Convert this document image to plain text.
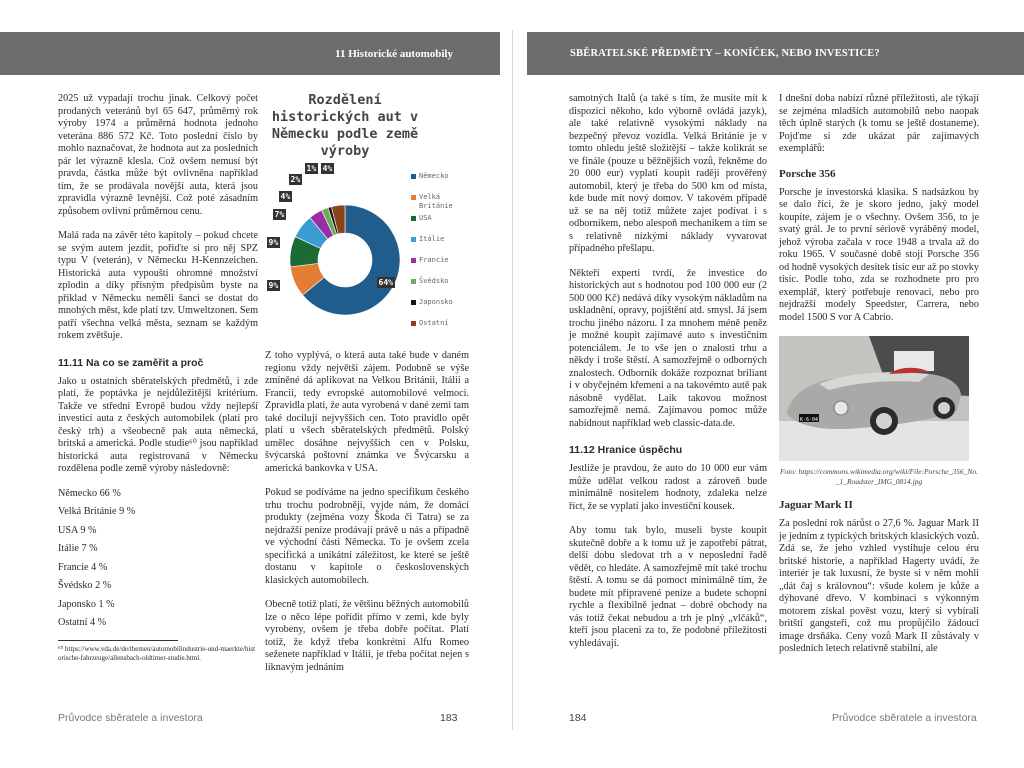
11 Historické automobily	SBĚRATELSKÉ PŘEDMĚTY – KONÍČEK, NEBO INVESTICE?

2025 už vypadají trochu jinak. Celkový počet prodaných veteránů byl 65 647, průměrný rok výroby 1974 a průměrná hodnota jednoho veterána 886 572 Kč. Toto poslední číslo by mohlo naznačovat, že hodnota aut za posledních pár let výrazně klesla. Což ovšem nemusí být pravda, částka může být ovlivněna například tím, že se prodávala novější auta, která jsou zpravidla výrazně levnější. Což poté zásadním způsobem ovlivní průměrnou cenu.

Malá rada na závěr této kapitoly – pokud chcete se svým autem jezdit, pořiďte si pro něj SPZ typu V (veterán), v Německu H-Kennzeichen. Historická auta vypouští ohromné množství zplodin a díky přísným předpisům byste na příklad v Německu neměli šanci se dostat do mnohých měst, kde platí tzv. Umweltzonen. Sem patří všechna velká města, seznam se každým rokem zvětšuje.

11.11 Na co se zaměřit a proč

Jako u ostatních sběratelských předmětů, i zde platí, že poptávka je nejdůležitější kritérium. Takže ve střední Evropě budou vždy nejlepší investicí auta z českých automobilek (platí pro český trh) a všeobecně pak auta německá, britská a americká. Podle studie⁶⁰ jsou například historická auta registrovaná v Německu rozdělena podle země výroby následovně:

Německo 66 %
Velká Británie 9 %
USA 9 %
Itálie 7 %
Francie 4 %
Švédsko 2 %
Japonsko 1 %
Ostatní 4 %
⁶⁰ https://www.vda.de/de/themen/automobilindustrie-und-maerkte/historische-fahrzeuge/allensbach-oldtimer-studie.html.
Rozdělení historických aut v Německu podle země výroby
64%
9%
9%
7%
4%
2%
1% 4%
Německo
Velká Británie
USA
Itálie
Francie
Švédsko
Japonsko
Ostatní

Z toho vyplývá, o která auta také bude v daném regionu vždy největší zájem. Podobně se výše zmíněné dá aplikovat na Velkou Británii, Itálii a Francii, tedy evropské automobilové velmoci. Zpravidla platí, že auta vyrobená v dané zemi tam také docilují nejvyšších cen. Toto pravidlo opět platí u všech sběratelských předmětů. Polský umělec dosáhne nejvyšších cen v Polsku, švýcarská poštovní známka ve Švýcarsku a americká bankovka v USA.

Pokud se podíváme na jedno specifikum českého trhu trochu podrobněji, vyjde nám, že domácí produkty (zejména vozy Škoda či Tatra) se za nejdražší peníze prodávají právě u nás a případně ve východní části Německa. To je ovšem zcela specifická a unikátní záležitost, ke které se ještě dostanu v kapitole o československých klasických automobilech.

Obecně totiž platí, že většinu běžných automobilů lze o něco lépe pořídit přímo v zemi, kde byly vyrobeny, ovšem je třeba dobře počítat. Platí totiž, že když třeba konkrétní Alfu Romeo seženete například v Itálii, je třeba počítat nejen s liknavým jednáním

Průvodce sběratele a investora	183

samotných Italů (a také s tím, že musíte mít k dispozici někoho, kdo výborně ovládá jazyk), ale také relativně vysokými náklady na bezpečný převoz vozidla. Velká Británie je v tomto ohledu ještě složitější – takže kolikrát se ve finále (pouze u běžnějších vozů, řekněme do 20 000 eur) vyplatí koupit raději prověřený automobil, který je třeba do 500 km od místa, kde bude mít nový domov. V takovém případě už se na něj totiž můžete zajet podívat i s odborníkem, nebo alespoň mechanikem a tím se s relativně nízkými náklady vyvarovat případného přešlapu.

Někteří experti tvrdí, že investice do historických aut s hodnotou pod 100 000 eur (2 500 000 Kč) nedává díky vysokým nákladům na uskladnění, opravy, pojištění atd. smysl. Já jsem trochu jiného názoru. I za mnohem méně peněz je možné koupit zajímavé auto s investičním potenciálem. Je to vše jen o znalosti trhu a někdy i troše štěstí. A samozřejmě o odborných znalostech. Odborník dokáže rozpoznat briliant i v obyčejném křemeni a na takovémto autě pak násobně vydělat. Laik takovou možnost samozřejmě nemá. Zajímavou pomoc může nabídnout například web classic-data.de.

11.12 Hranice úspěchu

Jestliže je pravdou, že auto do 10 000 eur vám může udělat velkou radost a zároveň bude minimálně nositelem hodnoty, zdaleka nelze říct, že se vyplatí jako investiční kousek.

Aby tomu tak bylo, museli byste koupit skutečně dobře a k tomu už je zapotřebí pátrat, delší dobu sledovat trh a v neposlední řadě vědět, co hledáte. A samozřejmě mít také trochu štěstí. A tomu se dá pomoct minimálně tím, že budete mít připravené peníze a budete schopni rychle a flexibilně jednat – dobré obchody na vás totiž čekat nebudou a trh je plný „vlčáků“, kteří jsou placeni za to, že podobné příležitosti vyhledávají.

I dnešní doba nabízí různé příležitosti, ale týkají se zejména mladších automobilů nebo naopak těch úplně starých (k tomu se ještě dostaneme). Pojďme si zde ukázat pár zajímavých exemplářů:

Porsche 356

Porsche je investorská klasika. S nadsázkou by se dalo říci, že je skoro jedno, jaký model koupíte, zájem je o všechny. Ovšem 356, to je svatý grál. Je to první sériově vyráběný model, jehož výroba začala v roce 1948 a trvala až do roku 1965. V současné době stojí Porsche 356 od hodně vysokých desítek tisíc eur až po stovky tisíc. Podle toho, zda se rozhodnete pro pro exemplář, který potřebuje renovaci, nebo pro nejdražší modely Speedster, Carrera, nebo model 1500 S vor A Cabrio.

K·6·04
Foto: https://commons.wikimedia.org/wiki/File:Porsche_356_No._1_Roadster_IMG_0814.jpg
Jaguar Mark II

Za poslední rok nárůst o 27,6 %. Jaguar Mark II je jedním z typických britských klasických vozů. Zdá se, že jeho vzhled vystihuje celou éru britské historie, a například Hagerty uvádí, že interiér je tak luxusní, že byste si v něm mohli „dát čaj s královnou“: všude kolem je kůže a dýhované dřevo. V kombinaci s výkonným motorem získal pověst vozu, který si vybírali britští gangsteři, což mu propůjčilo žádoucí image drsňáka. Ceny vozů Mark II zůstávaly v posledních letech relativně stabilní, ale

184	Průvodce sběratele a investora
